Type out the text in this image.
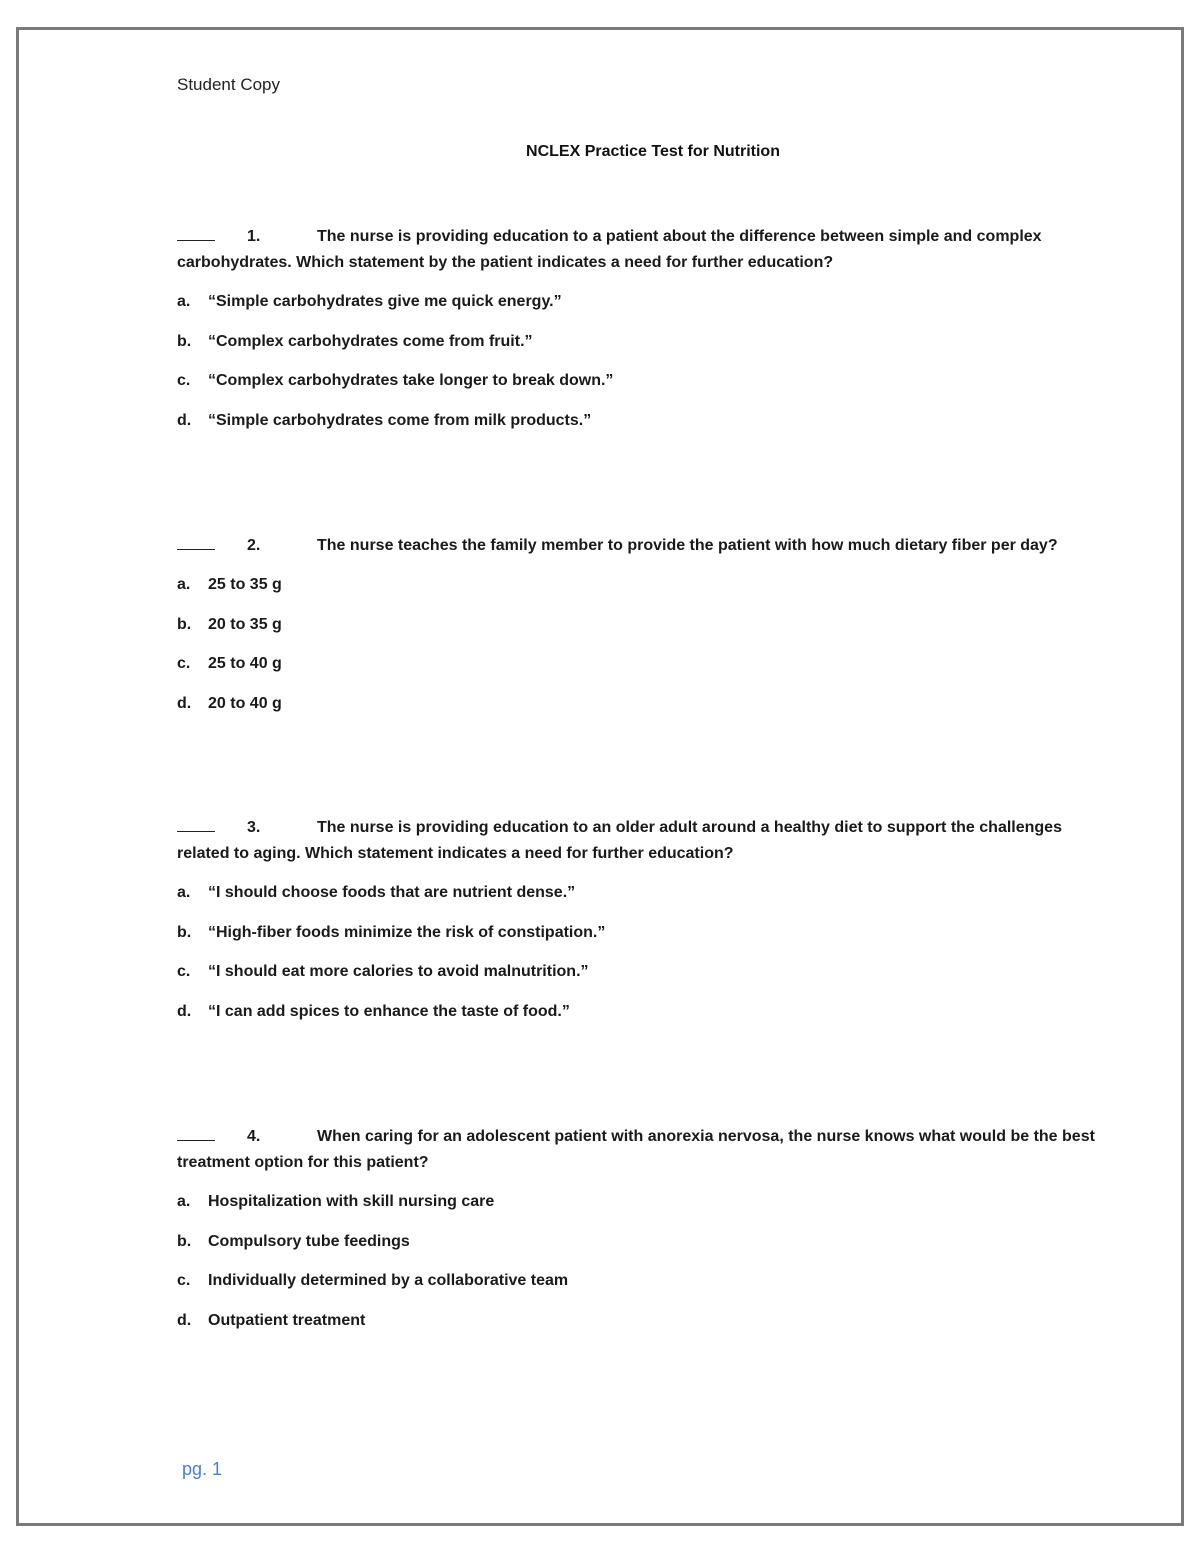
Student Copy
NCLEX Practice Test for Nutrition

1.	The nurse is providing education to a patient about the difference between simple and complex carbohydrates. Which statement by the patient indicates a need for further education?

a.	“Simple carbohydrates give me quick energy.”
b.	“Complex carbohydrates come from fruit.”
c.	“Complex carbohydrates take longer to break down.”
d.	“Simple carbohydrates come from milk products.”

2.	The nurse teaches the family member to provide the patient with how much dietary fiber per day?

a.	25 to 35 g
b.	20 to 35 g
c.	25 to 40 g
d.	20 to 40 g

3.	The nurse is providing education to an older adult around a healthy diet to support the challenges related to aging. Which statement indicates a need for further education?

a.	“I should choose foods that are nutrient dense.”
b.	“High-fiber foods minimize the risk of constipation.”
c.	“I should eat more calories to avoid malnutrition.”
d.	“I can add spices to enhance the taste of food.”

4.	When caring for an adolescent patient with anorexia nervosa, the nurse knows what would be the best treatment option for this patient?

a.	Hospitalization with skill nursing care
b.	Compulsory tube feedings
c.	Individually determined by a collaborative team
d.	Outpatient treatment
pg. 1
